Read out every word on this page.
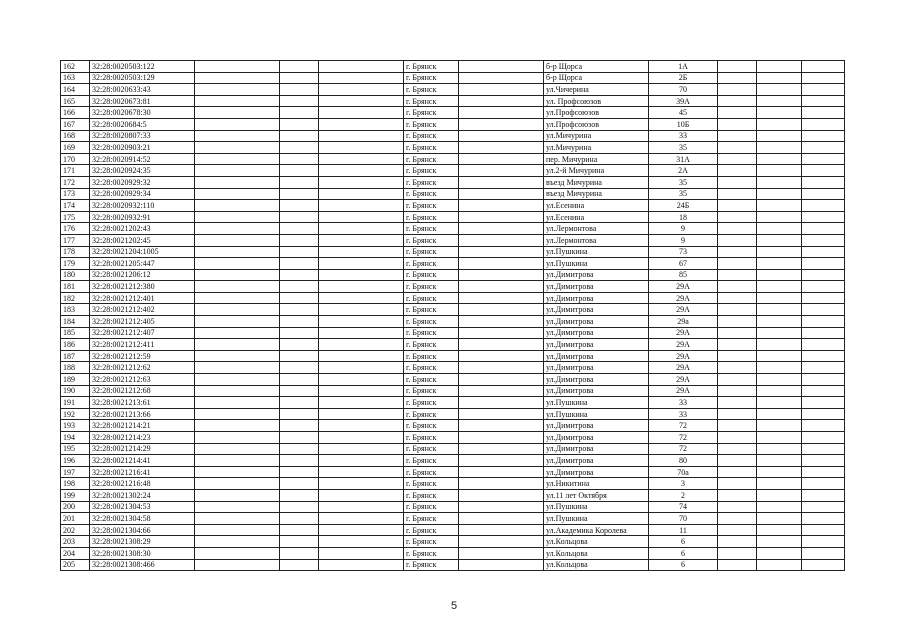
162	32:28:0020503:122				г. Брянск		б-р Щорса	1А			
163	32:28:0020503:129				г. Брянск		б-р Щорса	2Б			
164	32:28:0020633:43				г. Брянск		ул.Чичерина	70			
165	32:28:0020673:81				г. Брянск		ул. Профсоюзов	39А			
166	32:28:0020678:30				г. Брянск		ул.Профсоюзов	45			
167	32:28:0020684:5				г. Брянск		ул.Профсоюзов	10Б			
168	32:28:0020807:33				г. Брянск		ул.Мичурина	33			
169	32:28:0020903:21				г. Брянск		ул.Мичурина	35			
170	32:28:0020914:52				г. Брянск		пер. Мичурина	31А			
171	32:28:0020924:35				г. Брянск		ул.2-й Мичурина	2А			
172	32:28:0020929:32				г. Брянск		въезд Мичурина	35			
173	32:28:0020929:34				г. Брянск		въезд Мичурина	35			
174	32:28:0020932:110				г. Брянск		ул.Есенина	24Б			
175	32:28:0020932:91				г. Брянск		ул.Есенина	18			
176	32:28:0021202:43				г. Брянск		ул.Лермонтова	9			
177	32:28:0021202:45				г. Брянск		ул.Лермонтова	9			
178	32:28:0021204:1005				г. Брянск		ул.Пушкина	73			
179	32:28:0021205:447				г. Брянск		ул.Пушкина	67			
180	32:28:0021206:12				г. Брянск		ул.Димитрова	85			
181	32:28:0021212:380				г. Брянск		ул.Димитрова	29А			
182	32:28:0021212:401				г. Брянск		ул.Димитрова	29А			
183	32:28:0021212:402				г. Брянск		ул.Димитрова	29А			
184	32:28:0021212:405				г. Брянск		ул.Димитрова	29а			
185	32:28:0021212:407				г. Брянск		ул.Димитрова	29А			
186	32:28:0021212:411				г. Брянск		ул.Димитрова	29А			
187	32:28:0021212:59				г. Брянск		ул.Димитрова	29А			
188	32:28:0021212:62				г. Брянск		ул.Димитрова	29А			
189	32:28:0021212:63				г. Брянск		ул.Димитрова	29А			
190	32:28:0021212:68				г. Брянск		ул.Димитрова	29А			
191	32:28:0021213:61				г. Брянск		ул.Пушкина	33			
192	32:28:0021213:66				г. Брянск		ул.Пушкина	33			
193	32:28:0021214:21				г. Брянск		ул.Димитрова	72			
194	32:28:0021214:23				г. Брянск		ул.Димитрова	72			
195	32:28:0021214:29				г. Брянск		ул.Димитрова	72			
196	32:28:0021214:41				г. Брянск		ул.Димитрова	80			
197	32:28:0021216:41				г. Брянск		ул.Димитрова	70а			
198	32:28:0021216:48				г. Брянск		ул.Никитина	3			
199	32:28:0021302:24				г. Брянск		ул.11 лет Октября	2			
200	32:28:0021304:53				г. Брянск		ул.Пушкина	74			
201	32:28:0021304:58				г. Брянск		ул.Пушкина	70			
202	32:28:0021304:66				г. Брянск		ул.Академика Королева	11			
203	32:28:0021308:29				г. Брянск		ул.Кольцова	6			
204	32:28:0021308:30				г. Брянск		ул.Кольцова	6			
205	32:28:0021308:466				г. Брянск		ул.Кольцова	6			
5
